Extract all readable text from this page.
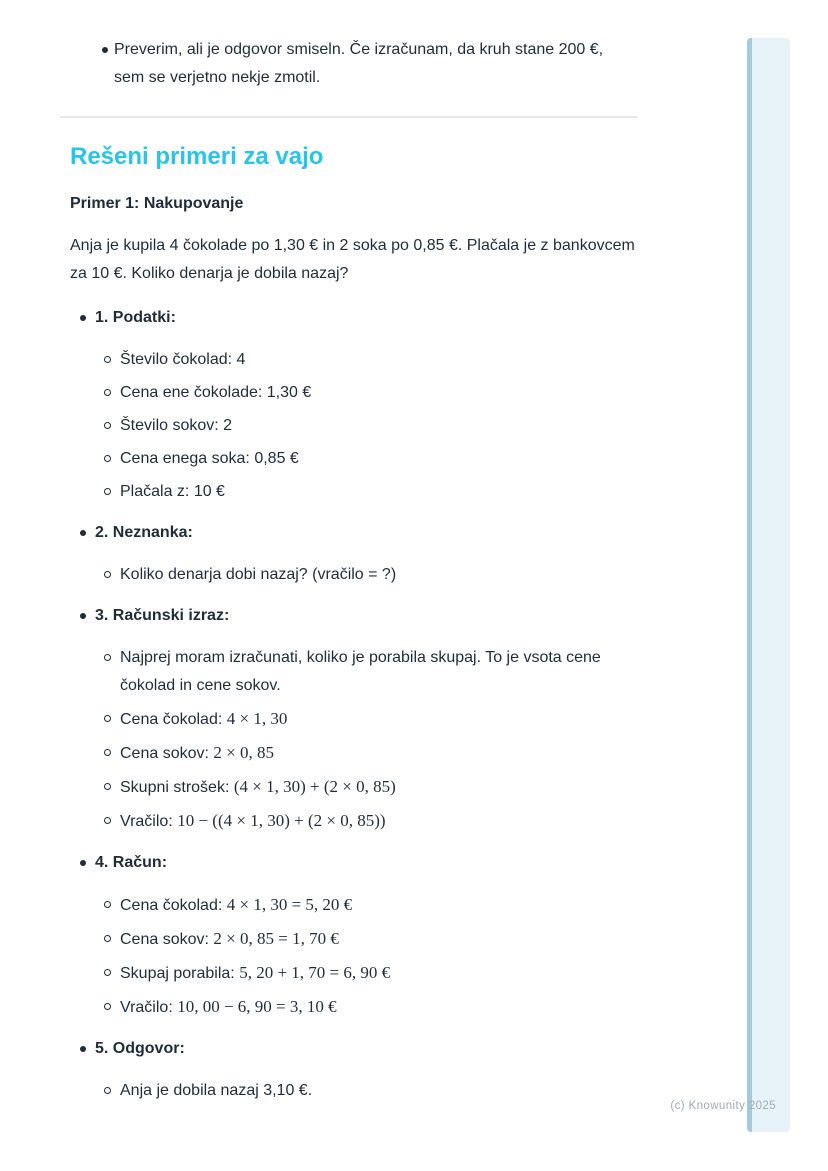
Preverim, ali je odgovor smiseln. Če izračunam, da kruh stane 200 €, sem se verjetno nekje zmotil.
Rešeni primeri za vajo
Primer 1: Nakupovanje

Anja je kupila 4 čokolade po 1,30 € in 2 soka po 0,85 €. Plačala je z bankovcem za 10 €. Koliko denarja je dobila nazaj?

1. Podatki:
Število čokolad: 4
Cena ene čokolade: 1,30 €
Število sokov: 2
Cena enega soka: 0,85 €
Plačala z: 10 €
2. Neznanka:
Koliko denarja dobi nazaj? (vračilo = ?)
3. Računski izraz:
Najprej moram izračunati, koliko je porabila skupaj. To je vsota cene čokolad in cene sokov.
Cena čokolad: 4 × 1, 30
Cena sokov: 2 × 0, 85
Skupni strošek: (4 × 1, 30) + (2 × 0, 85)
Vračilo: 10 − ((4 × 1, 30) + (2 × 0, 85))
4. Račun:
Cena čokolad: 4 × 1, 30 = 5, 20 €
Cena sokov: 2 × 0, 85 = 1, 70 €
Skupaj porabila: 5, 20 + 1, 70 = 6, 90 €
Vračilo: 10, 00 − 6, 90 = 3, 10 €
5. Odgovor:
Anja je dobila nazaj 3,10 €.
(c) Knowunity 2025
